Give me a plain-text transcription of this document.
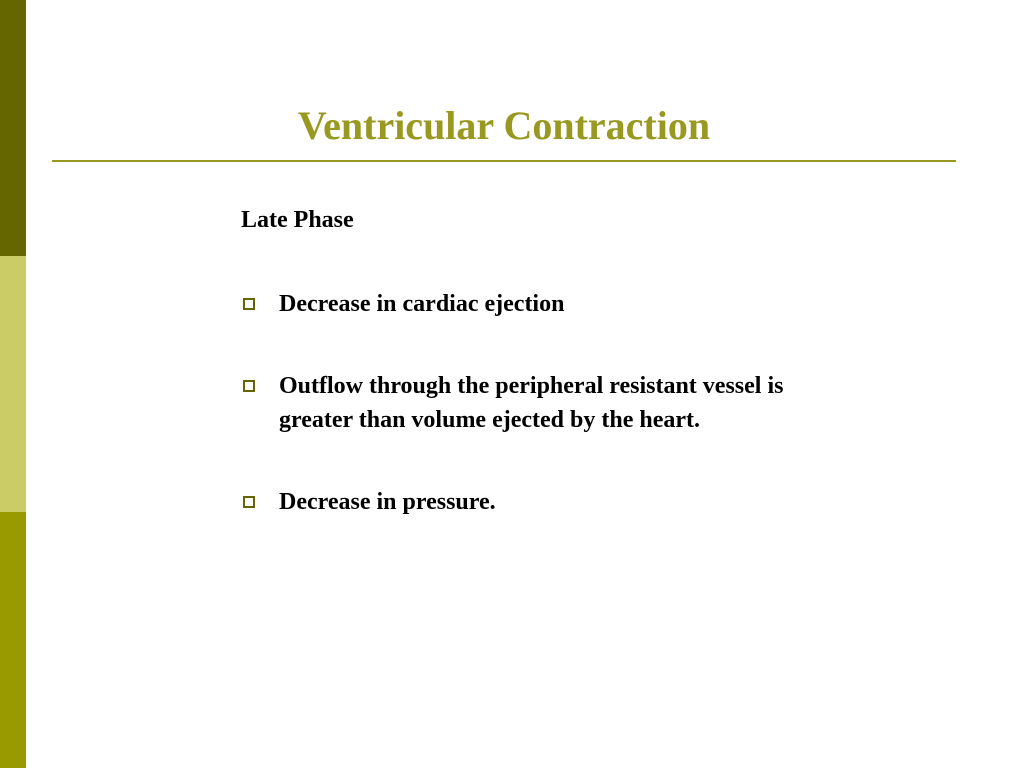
Ventricular Contraction
Late Phase
Decrease in cardiac ejection
Outflow through the peripheral resistant vessel is greater than volume ejected by the heart.
Decrease in pressure.
